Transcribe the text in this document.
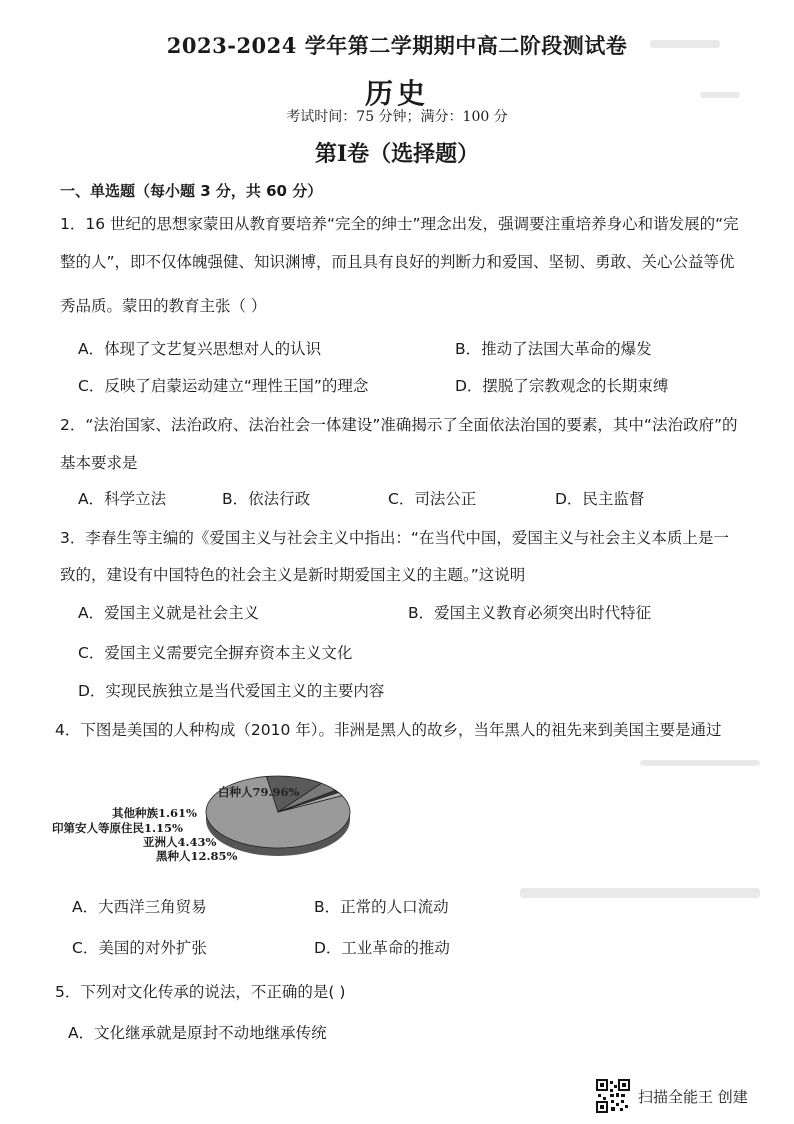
2023-2024 学年第二学期期中高二阶段测试卷
历史
考试时间：75 分钟；满分：100 分
第Ⅰ卷（选择题）
一、单选题（每小题 3 分，共 60 分）
1．16 世纪的思想家蒙田从教育要培养“完全的绅士”理念出发，强调要注重培养身心和谐发展的“完
整的人”，即不仅体魄强健、知识渊博，而且具有良好的判断力和爱国、坚韧、勇敢、关心公益等优
秀品质。蒙田的教育主张（ ）
A．体现了文艺复兴思想对人的认识	B．推动了法国大革命的爆发
C．反映了启蒙运动建立“理性王国”的理念	D．摆脱了宗教观念的长期束缚
2．“法治国家、法治政府、法治社会一体建设”准确揭示了全面依法治国的要素，其中“法治政府”的
基本要求是
A．科学立法	B．依法行政	C．司法公正	D．民主监督
3．李春生等主编的《爱国主义与社会主义中指出：“在当代中国，爱国主义与社会主义本质上是一
致的，建设有中国特色的社会主义是新时期爱国主义的主题。”这说明
A．爱国主义就是社会主义	B．爱国主义教育必须突出时代特征
C．爱国主义需要完全摒弃资本主义文化
D．实现民族独立是当代爱国主义的主要内容
4．下图是美国的人种构成（2010 年）。非洲是黑人的故乡，当年黑人的祖先来到美国主要是通过
白种人79.96%
其他种族1.61%
印第安人等原住民1.15%
亚洲人4.43%
黑种人12.85%
A．大西洋三角贸易	B．正常的人口流动
C．美国的对外扩张	D．工业革命的推动
5．下列对文化传承的说法，不正确的是( )
A．文化继承就是原封不动地继承传统
扫描全能王 创建
